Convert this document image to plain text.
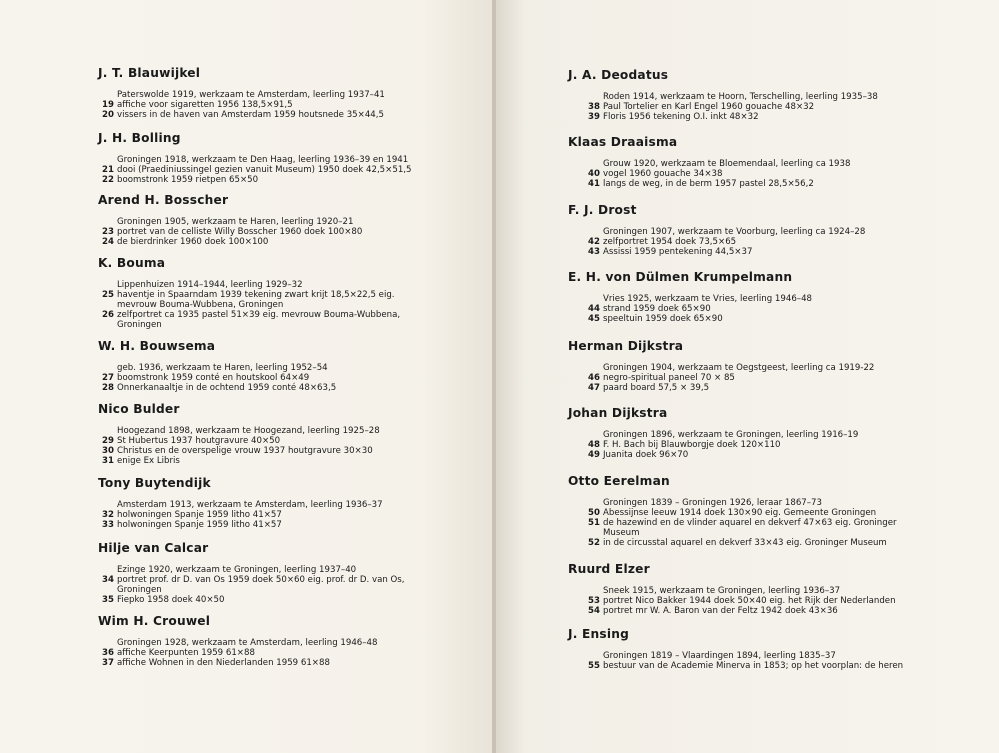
J. T. Blauwijkel

Paterswolde 1919, werkzaam te Amsterdam, leerling 1937–41

19 affiche voor sigaretten 1956 138,5×91,5
20 vissers in de haven van Amsterdam 1959 houtsnede 35×44,5
J. H. Bolling

Groningen 1918, werkzaam te Den Haag, leerling 1936–39 en 1941

21 dooi (Praediniussingel gezien vanuit Museum) 1950 doek 42,5×51,5
22 boomstronk 1959 rietpen 65×50
Arend H. Bosscher

Groningen 1905, werkzaam te Haren, leerling 1920–21

23 portret van de celliste Willy Bosscher 1960 doek 100×80
24 de bierdrinker 1960 doek 100×100
K. Bouma

Lippenhuizen 1914–1944, leerling 1929–32

25 haventje in Spaarndam 1939 tekening zwart krijt 18,5×22,5 eig.
mevrouw Bouma-Wubbena, Groningen
26 zelfportret ca 1935 pastel 51×39 eig. mevrouw Bouma-Wubbena,
Groningen
W. H. Bouwsema

geb. 1936, werkzaam te Haren, leerling 1952–54

27 boomstronk 1959 conté en houtskool 64×49
28 Onnerkanaaltje in de ochtend 1959 conté 48×63,5
Nico Bulder

Hoogezand 1898, werkzaam te Hoogezand, leerling 1925–28

29 St Hubertus 1937 houtgravure 40×50
30 Christus en de overspelige vrouw 1937 houtgravure 30×30
31 enige Ex Libris
Tony Buytendijk

Amsterdam 1913, werkzaam te Amsterdam, leerling 1936–37

32 holwoningen Spanje 1959 litho 41×57
33 holwoningen Spanje 1959 litho 41×57
Hilje van Calcar

Ezinge 1920, werkzaam te Groningen, leerling 1937–40

34 portret prof. dr D. van Os 1959 doek 50×60 eig. prof. dr D. van Os,
Groningen
35 Fiepko 1958 doek 40×50
Wim H. Crouwel

Groningen 1928, werkzaam te Amsterdam, leerling 1946–48

36 affiche Keerpunten 1959 61×88
37 affiche Wohnen in den Niederlanden 1959 61×88
J. A. Deodatus

Roden 1914, werkzaam te Hoorn, Terschelling, leerling 1935–38

38 Paul Tortelier en Karl Engel 1960 gouache 48×32
39 Floris 1956 tekening O.I. inkt 48×32
Klaas Draaisma

Grouw 1920, werkzaam te Bloemendaal, leerling ca 1938

40 vogel 1960 gouache 34×38
41 langs de weg, in de berm 1957 pastel 28,5×56,2
F. J. Drost

Groningen 1907, werkzaam te Voorburg, leerling ca 1924–28

42 zelfportret 1954 doek 73,5×65
43 Assissi 1959 pentekening 44,5×37
E. H. von Dülmen Krumpelmann

Vries 1925, werkzaam te Vries, leerling 1946–48

44 strand 1959 doek 65×90
45 speeltuin 1959 doek 65×90
Herman Dijkstra

Groningen 1904, werkzaam te Oegstgeest, leerling ca 1919-22

46 negro-spiritual paneel 70 × 85
47 paard board 57,5 × 39,5
Johan Dijkstra

Groningen 1896, werkzaam te Groningen, leerling 1916–19

48 F. H. Bach bij Blauwborgje doek 120×110
49 Juanita doek 96×70
Otto Eerelman

Groningen 1839 – Groningen 1926, leraar 1867–73

50 Abessijnse leeuw 1914 doek 130×90 eig. Gemeente Groningen
51 de hazewind en de vlinder aquarel en dekverf 47×63 eig. Groninger
Museum
52 in de circusstal aquarel en dekverf 33×43 eig. Groninger Museum
Ruurd Elzer

Sneek 1915, werkzaam te Groningen, leerling 1936–37

53 portret Nico Bakker 1944 doek 50×40 eig. het Rijk der Nederlanden
54 portret mr W. A. Baron van der Feltz 1942 doek 43×36
J. Ensing

Groningen 1819 – Vlaardingen 1894, leerling 1835–37

55 bestuur van de Academie Minerva in 1853; op het voorplan: de heren
